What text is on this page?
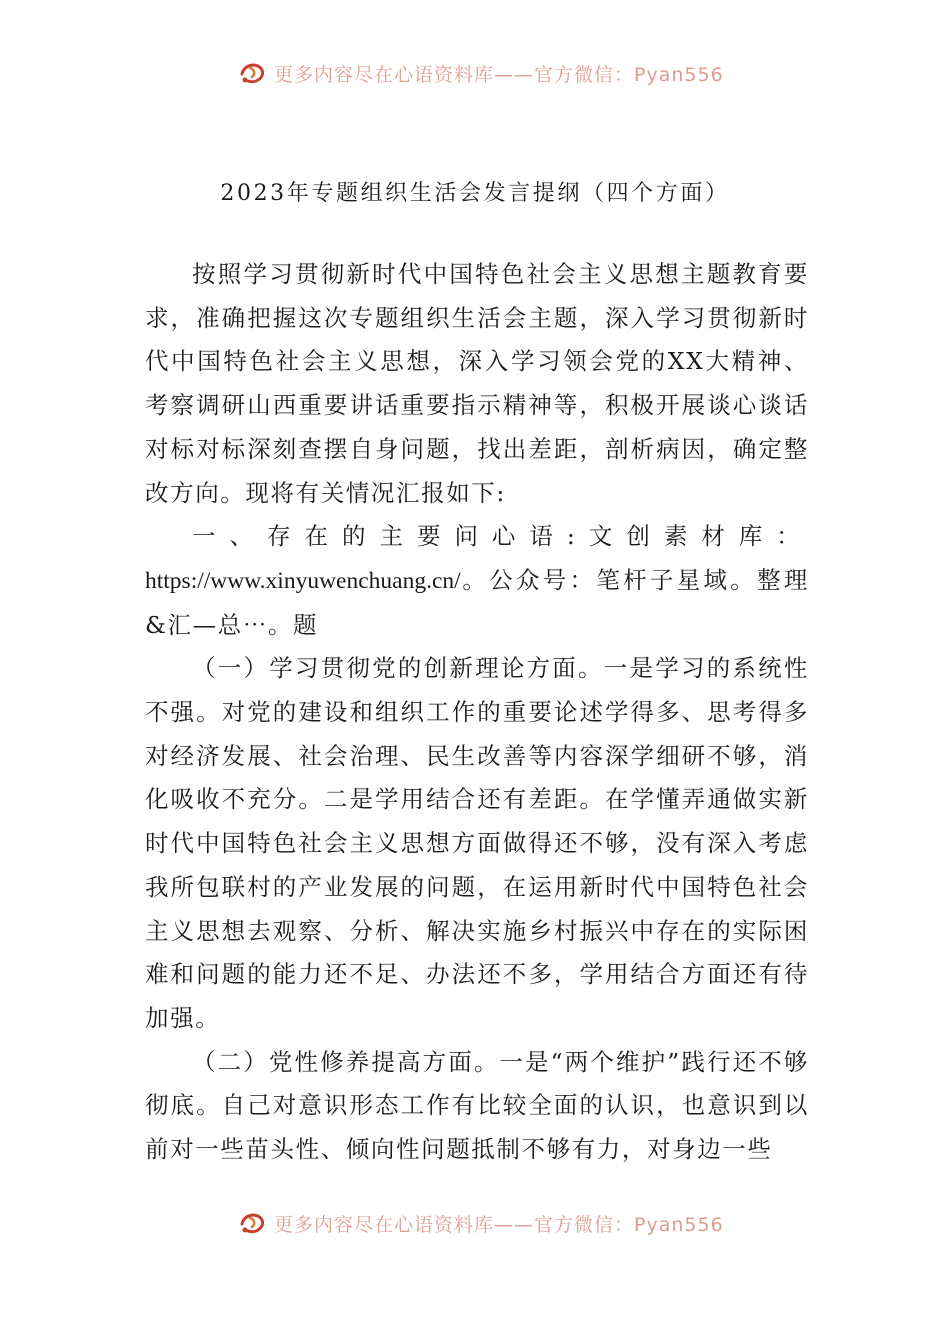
更多内容尽在心语资料库——官方微信：Pyan556
2023年专题组织生活会发言提纲（四个方面）

按照学习贯彻新时代中国特色社会主义思想主题教育要求，准确把握这次专题组织生活会主题，深入学习贯彻新时代中国特色社会主义思想，深入学习领会党的XX大精神、考察调研山西重要讲话重要指示精神等，积极开展谈心谈话对标对标深刻查摆自身问题，找出差距，剖析病因，确定整改方向。现将有关情况汇报如下:

一、存在的主要问心语:文创素材库：https://www.xinyuwenchuang.cn/。公众号：笔杆子星域。整理&汇—总⋯。题

（一）学习贯彻党的创新理论方面。一是学习的系统性不强。对党的建设和组织工作的重要论述学得多、思考得多对经济发展、社会治理、民生改善等内容深学细研不够，消化吸收不充分。二是学用结合还有差距。在学懂弄通做实新时代中国特色社会主义思想方面做得还不够，没有深入考虑我所包联村的产业发展的问题，在运用新时代中国特色社会主义思想去观察、分析、解决实施乡村振兴中存在的实际困难和问题的能力还不足、办法还不多，学用结合方面还有待加强。

（二）党性修养提高方面。一是“两个维护”践行还不够彻底。自己对意识形态工作有比较全面的认识，也意识到以前对一些苗头性、倾向性问题抵制不够有力，对身边一些

更多内容尽在心语资料库——官方微信：Pyan556
